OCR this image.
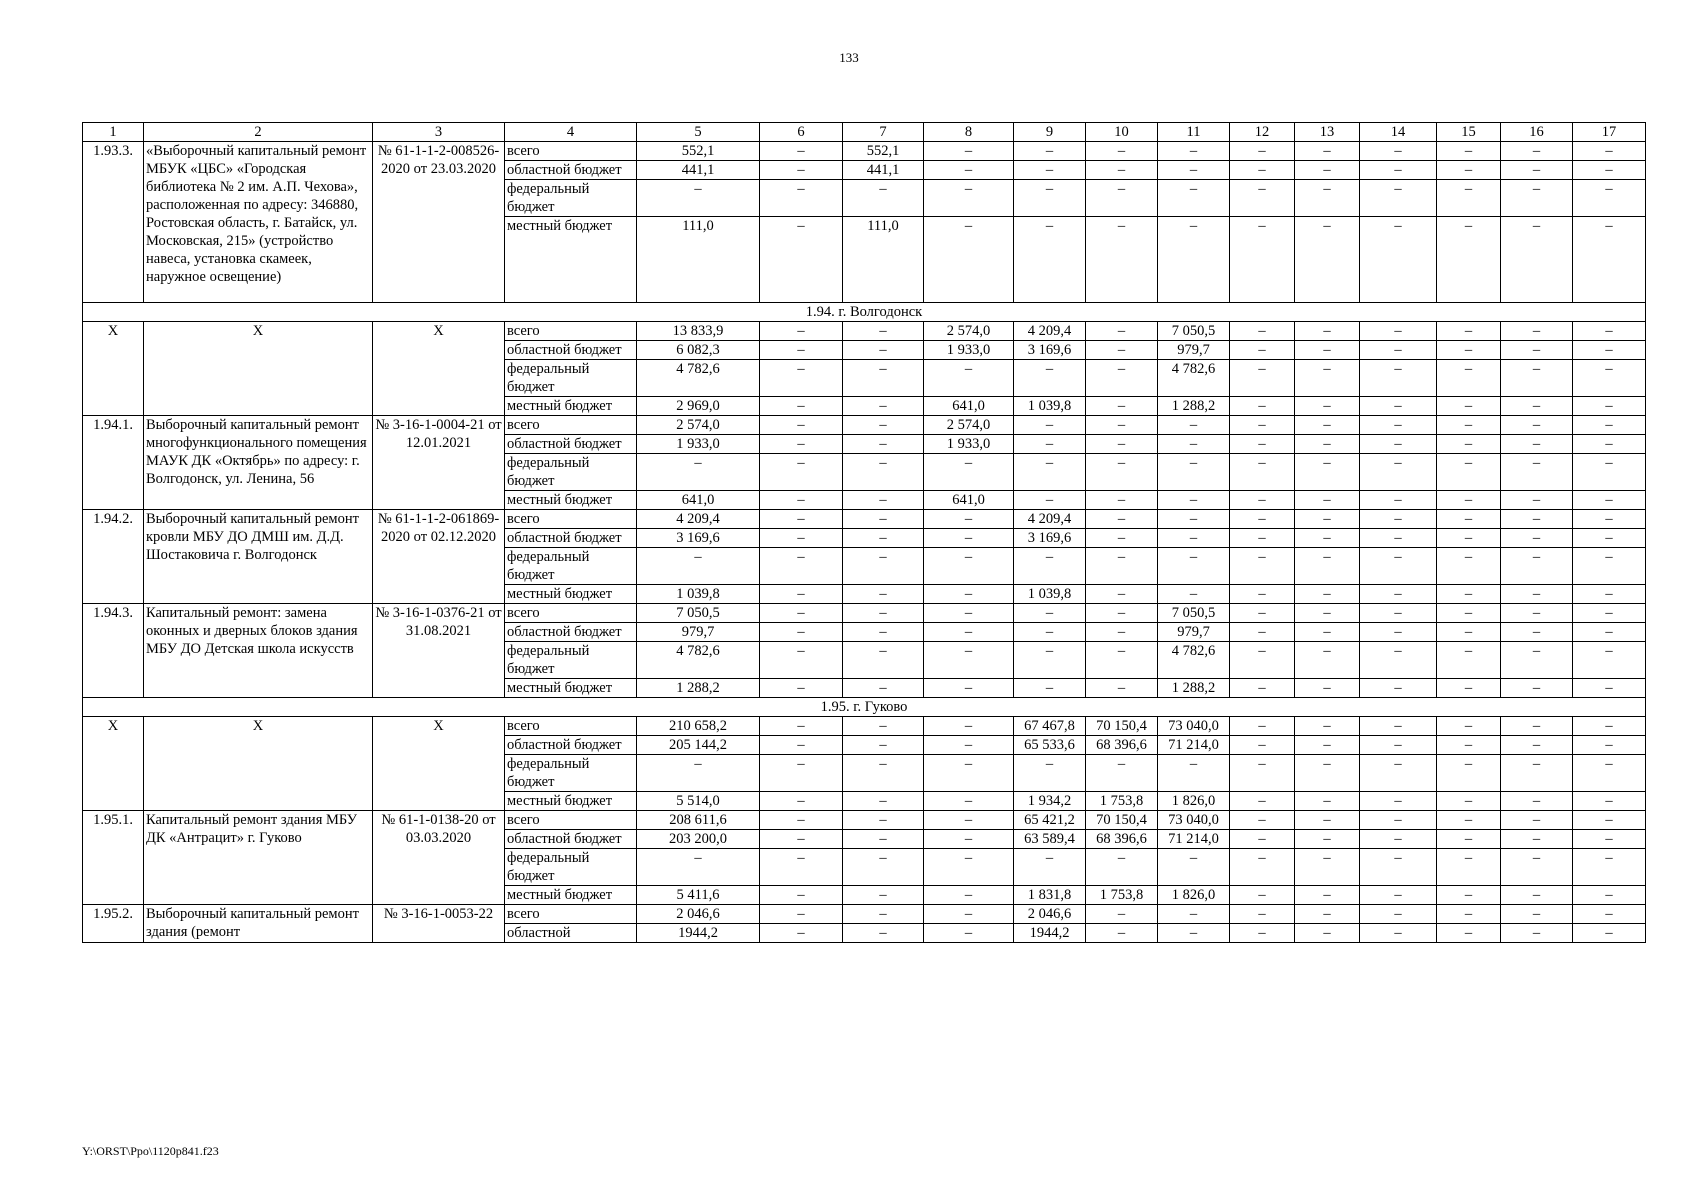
133
1	2	3	4	5	6	7	8	9	10	11	12	13	14	15	16	17
1.93.3.	«Выборочный капитальный ремонт МБУК «ЦБС» «Городская библиотека № 2 им. А.П. Чехова», расположенная по адресу: 346880, Ростовская область, г. Батайск, ул. Московская, 215» (устройство навеса, установка скамеек, наружное освещение)	№ 61-1-1-2-008526-2020 от 23.03.2020	всего	552,1	–	552,1	–	–	–	–	–	–	–	–	–	–
			областной бюджет	441,1	–	441,1	–	–	–	–	–	–	–	–	–	–
			федеральный бюджет	–	–	–	–	–	–	–	–	–	–	–	–	–
			местный бюджет	111,0	–	111,0	–	–	–	–	–	–	–	–	–	–
1.94. г. Волгодонск																
Х	Х	Х	всего	13 833,9	–	–	2 574,0	4 209,4	–	7 050,5	–	–	–	–	–	–
			областной бюджет	6 082,3	–	–	1 933,0	3 169,6	–	979,7	–	–	–	–	–	–
			федеральный бюджет	4 782,6	–	–	–	–	–	4 782,6	–	–	–	–	–	–
			местный бюджет	2 969,0	–	–	641,0	1 039,8	–	1 288,2	–	–	–	–	–	–
1.94.1.	Выборочный капитальный ремонт многофункционального помещения МАУК ДК «Октябрь» по адресу: г. Волгодонск, ул. Ленина, 56	№ 3-16-1-0004-21 от 12.01.2021	всего	2 574,0	–	–	2 574,0	–	–	–	–	–	–	–	–	–
			областной бюджет	1 933,0	–	–	1 933,0	–	–	–	–	–	–	–	–	–
			федеральный бюджет	–	–	–	–	–	–	–	–	–	–	–	–	–
			местный бюджет	641,0	–	–	641,0	–	–	–	–	–	–	–	–	–
1.94.2.	Выборочный капитальный ремонт кровли МБУ ДО ДМШ им. Д.Д. Шостаковича г. Волгодонск	№ 61-1-1-2-061869-2020 от 02.12.2020	всего	4 209,4	–	–	–	4 209,4	–	–	–	–	–	–	–	–
			областной бюджет	3 169,6	–	–	–	3 169,6	–	–	–	–	–	–	–	–
			федеральный бюджет	–	–	–	–	–	–	–	–	–	–	–	–	–
			местный бюджет	1 039,8	–	–	–	1 039,8	–	–	–	–	–	–	–	–
1.94.3.	Капитальный ремонт: замена оконных и дверных блоков здания МБУ ДО Детская школа искусств	№ 3-16-1-0376-21 от 31.08.2021	всего	7 050,5	–	–	–	–	–	7 050,5	–	–	–	–	–	–
			областной бюджет	979,7	–	–	–	–	–	979,7	–	–	–	–	–	–
			федеральный бюджет	4 782,6	–	–	–	–	–	4 782,6	–	–	–	–	–	–
			местный бюджет	1 288,2	–	–	–	–	–	1 288,2	–	–	–	–	–	–
1.95. г. Гуково																
Х	Х	Х	всего	210 658,2	–	–	–	67 467,8	70 150,4	73 040,0	–	–	–	–	–	–
			областной бюджет	205 144,2	–	–	–	65 533,6	68 396,6	71 214,0	–	–	–	–	–	–
			федеральный бюджет	–	–	–	–	–	–	–	–	–	–	–	–	–
			местный бюджет	5 514,0	–	–	–	1 934,2	1 753,8	1 826,0	–	–	–	–	–	–
1.95.1.	Капитальный ремонт здания МБУ ДК «Антрацит» г. Гуково	№ 61-1-0138-20 от 03.03.2020	всего	208 611,6	–	–	–	65 421,2	70 150,4	73 040,0	–	–	–	–	–	–
			областной бюджет	203 200,0	–	–	–	63 589,4	68 396,6	71 214,0	–	–	–	–	–	–
			федеральный бюджет	–	–	–	–	–	–	–	–	–	–	–	–	–
			местный бюджет	5 411,6	–	–	–	1 831,8	1 753,8	1 826,0	–	–	–	–	–	–
1.95.2.	Выборочный капитальный ремонт здания (ремонт	№ 3-16-1-0053-22	всего	2 046,6	–	–	–	2 046,6	–	–	–	–	–	–	–	–
			областной	1944,2	–	–	–	1944,2	–	–	–	–	–	–	–	–
Y:\ORST\Ppo\1120p841.f23
